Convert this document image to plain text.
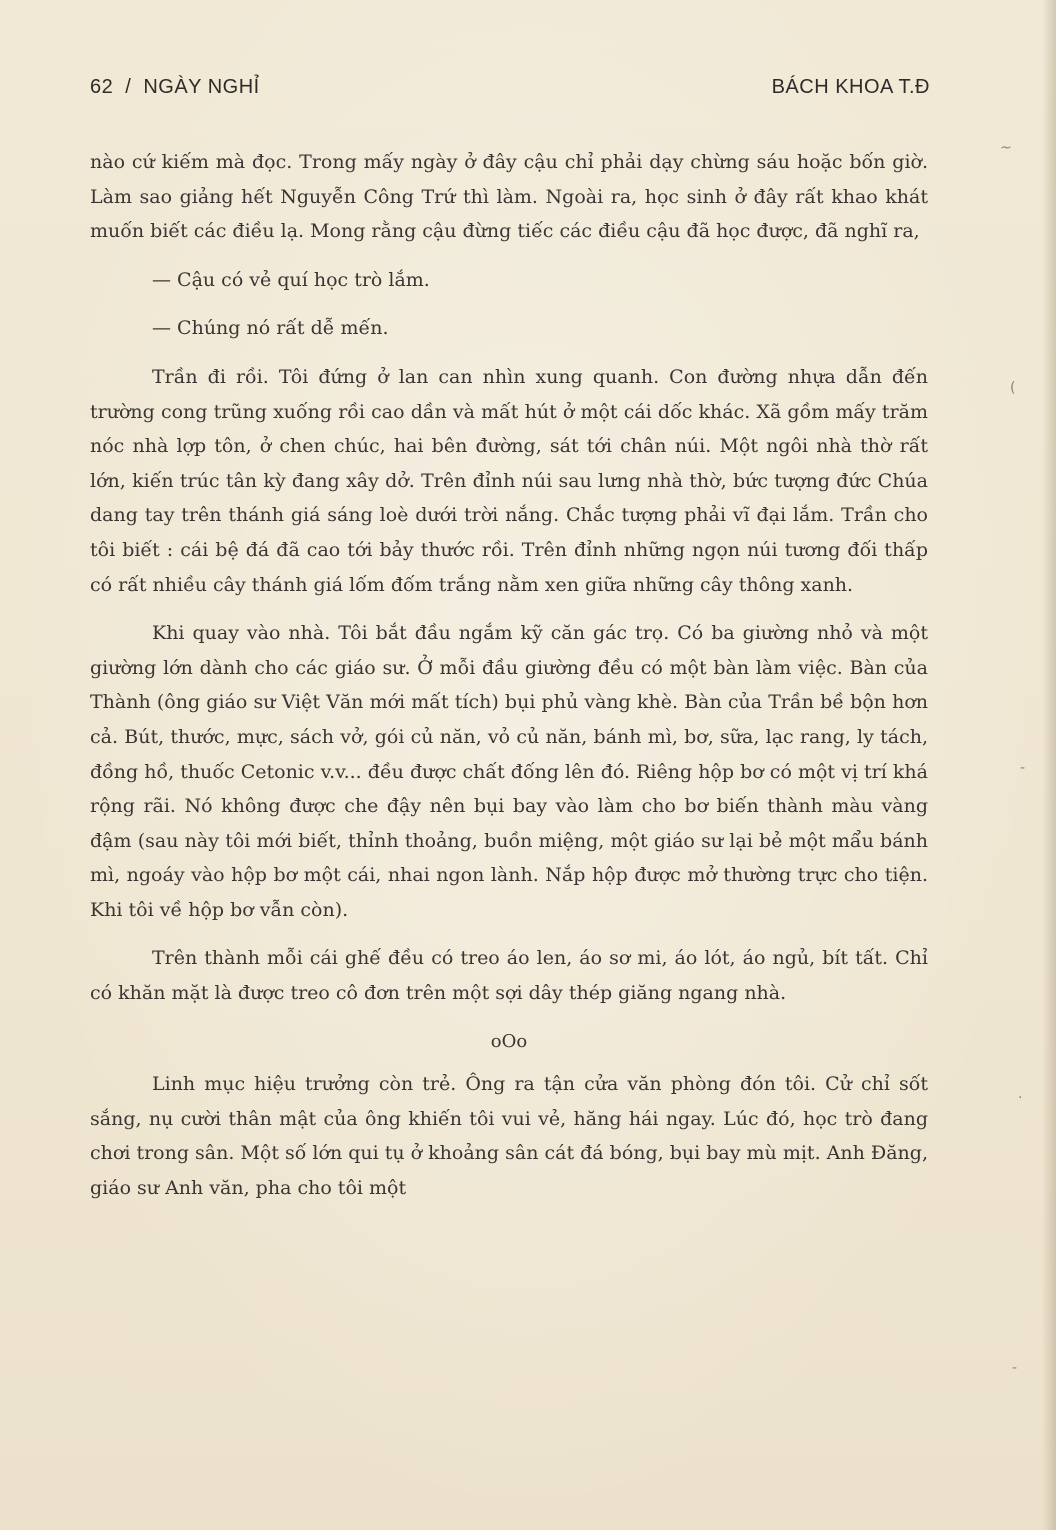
62 / NGÀY NGHỈ	BÁCH KHOA T.Đ

nào cứ kiếm mà đọc. Trong mấy ngày ở đây cậu chỉ phải dạy chừng sáu hoặc bốn giờ. Làm sao giảng hết Nguyễn Công Trứ thì làm. Ngoài ra, học sinh ở đây rất khao khát muốn biết các điều lạ. Mong rằng cậu đừng tiếc các điều cậu đã học được, đã nghĩ ra,

— Cậu có vẻ quí học trò lắm.

— Chúng nó rất dễ mến.

Trần đi rồi. Tôi đứng ở lan can nhìn xung quanh. Con đường nhựa dẫn đến trường cong trũng xuống rồi cao dần và mất hút ở một cái dốc khác. Xã gồm mấy trăm nóc nhà lợp tôn, ở chen chúc, hai bên đường, sát tới chân núi. Một ngôi nhà thờ rất lớn, kiến trúc tân kỳ đang xây dở. Trên đỉnh núi sau lưng nhà thờ, bức tượng đức Chúa dang tay trên thánh giá sáng loè dưới trời nắng. Chắc tượng phải vĩ đại lắm. Trần cho tôi biết : cái bệ đá đã cao tới bảy thước rồi. Trên đỉnh những ngọn núi tương đối thấp có rất nhiều cây thánh giá lốm đốm trắng nằm xen giữa những cây thông xanh.

Khi quay vào nhà. Tôi bắt đầu ngắm kỹ căn gác trọ. Có ba giường nhỏ và một giường lớn dành cho các giáo sư. Ở mỗi đầu giường đều có một bàn làm việc. Bàn của Thành (ông giáo sư Việt Văn mới mất tích) bụi phủ vàng khè. Bàn của Trần bề bộn hơn cả. Bút, thước, mực, sách vở, gói củ năn, vỏ củ năn, bánh mì, bơ, sữa, lạc rang, ly tách, đồng hồ, thuốc Cetonic v.v... đều được chất đống lên đó. Riêng hộp bơ có một vị trí khá rộng rãi. Nó không được che đậy nên bụi bay vào làm cho bơ biến thành màu vàng đậm (sau này tôi mới biết, thỉnh thoảng, buồn miệng, một giáo sư lại bẻ một mẩu bánh mì, ngoáy vào hộp bơ một cái, nhai ngon lành. Nắp hộp được mở thường trực cho tiện. Khi tôi về hộp bơ vẫn còn).

Trên thành mỗi cái ghế đều có treo áo len, áo sơ mi, áo lót, áo ngủ, bít tất. Chỉ có khăn mặt là được treo cô đơn trên một sợi dây thép giăng ngang nhà.

oOo

Linh mục hiệu trưởng còn trẻ. Ông ra tận cửa văn phòng đón tôi. Cử chỉ sốt sắng, nụ cười thân mật của ông khiến tôi vui vẻ, hăng hái ngay. Lúc đó, học trò đang chơi trong sân. Một số lớn qui tụ ở khoảng sân cát đá bóng, bụi bay mù mịt. Anh Đăng, giáo sư Anh văn, pha cho tôi một

~
(
-
·
-
